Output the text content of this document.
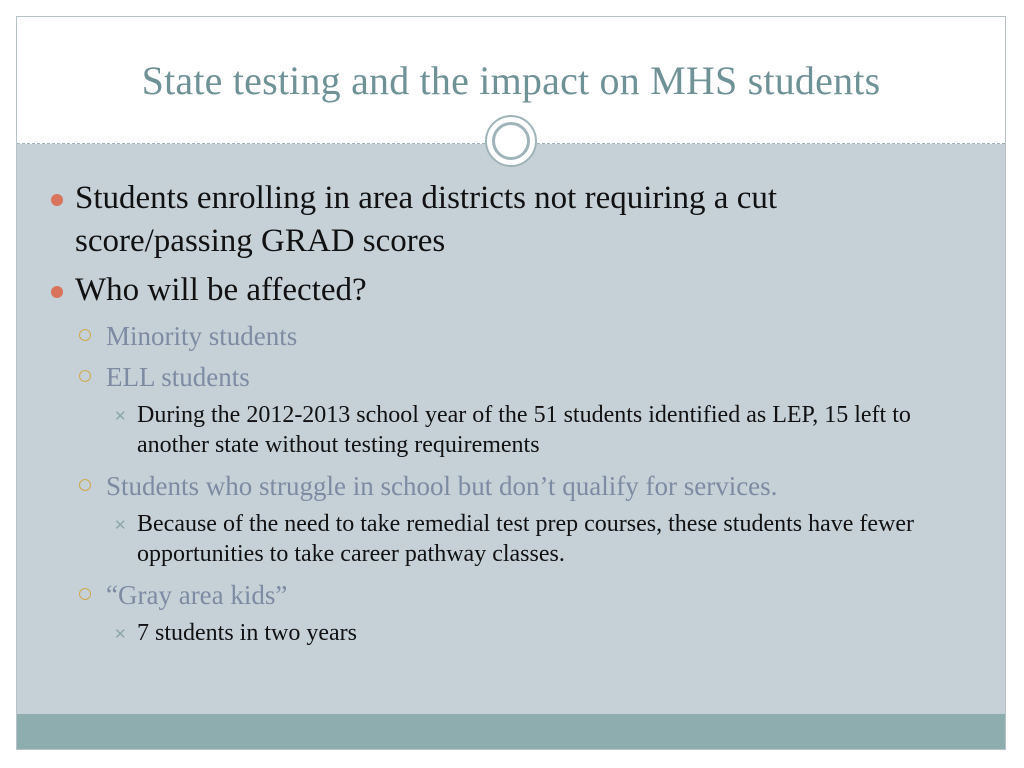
State testing and the impact on MHS students
Students enrolling in area districts not requiring a cut score/passing GRAD scores
Who will be affected?
Minority students
ELL students
✕ During the 2012-2013 school year of the 51 students identified as LEP, 15 left to another state without testing requirements
Students who struggle in school but don’t qualify for services.
✕ Because of the need to take remedial test prep courses, these students have fewer opportunities to take career pathway classes.
“Gray area kids”
✕ 7 students in two years
